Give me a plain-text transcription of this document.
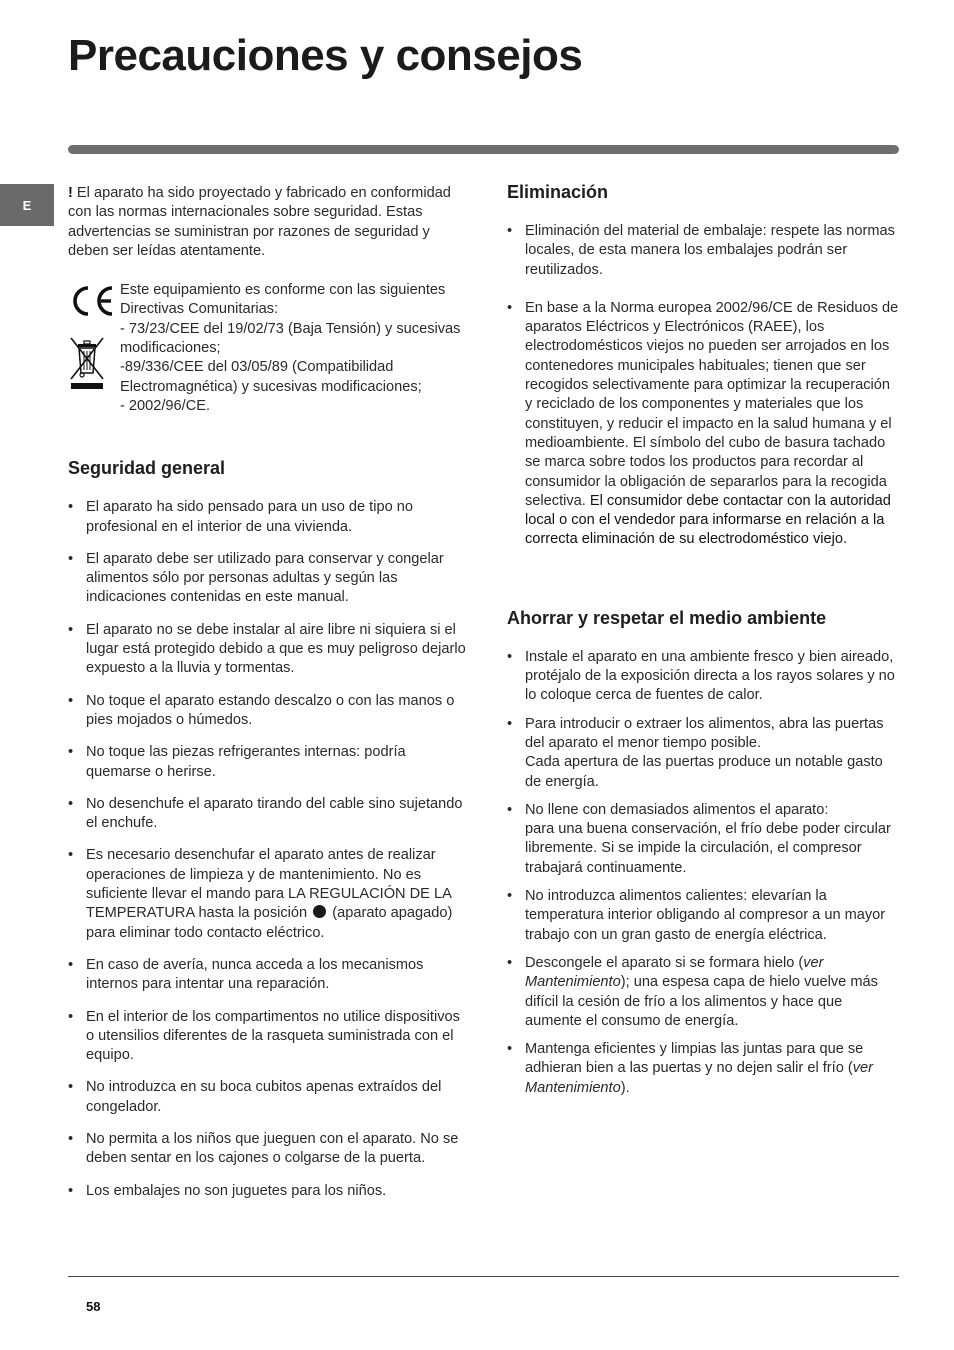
Precauciones y consejos
E

! El aparato ha sido proyectado y fabricado en conformidad con las normas internacionales sobre seguridad. Estas advertencias se suministran por razones de seguridad y deben ser leídas atentamente.

Este equipamiento es conforme con las siguientes Directivas Comunitarias:

- 73/23/CEE del 19/02/73 (Baja Tensión) y sucesivas modificaciones;

-89/336/CEE del 03/05/89 (Compatibilidad Electromagnética) y sucesivas modificaciones;

- 2002/96/CE.

Seguridad general
• El aparato ha sido pensado para un uso de tipo no profesional en el interior de una vivienda.
• El aparato debe ser utilizado para conservar y congelar alimentos sólo por personas adultas y según las indicaciones contenidas en este manual.
• El aparato no se debe instalar al aire libre ni siquiera si el lugar está protegido debido a que es muy peligroso dejarlo expuesto a la lluvia y tormentas.
• No toque el aparato estando descalzo o con las manos o pies mojados o húmedos.
• No toque las piezas refrigerantes internas: podría quemarse o herirse.
• No desenchufe el aparato tirando del cable sino sujetando el enchufe.
• Es necesario desenchufar el aparato antes de realizar operaciones de limpieza y de mantenimiento. No es suficiente llevar el mando para LA REGULACIÓN DE LA TEMPERATURA hasta la posición  (aparato apagado) para eliminar todo contacto eléctrico.
• En caso de avería, nunca acceda a los mecanismos internos para intentar una reparación.
• En el interior de los compartimentos no utilice dispositivos o utensilios diferentes de la rasqueta suministrada con el equipo.
• No introduzca en su boca cubitos apenas extraídos del congelador.
• No permita a los niños que jueguen con el aparato. No se deben sentar en los cajones o colgarse de la puerta.
• Los embalajes no son juguetes para los niños.
Eliminación
• Eliminación del material de embalaje: respete las normas locales, de esta manera los embalajes podrán ser reutilizados.
• En base a la Norma europea 2002/96/CE de Residuos de aparatos Eléctricos y Electrónicos (RAEE), los electrodomésticos viejos no pueden ser arrojados en los contenedores municipales habituales; tienen que ser recogidos selectivamente para optimizar la recuperación y reciclado de los componentes y materiales que los constituyen, y reducir el impacto en la salud humana y el medioambiente. El símbolo del cubo de basura tachado se marca sobre todos los productos para recordar al consumidor la obligación de separarlos para la recogida selectiva. El consumidor debe contactar con la autoridad local o con el vendedor para informarse en relación a la correcta eliminación de su electrodoméstico viejo.
Ahorrar y respetar el medio ambiente
• Instale el aparato en una ambiente fresco y bien aireado, protéjalo de la exposición directa a los rayos solares y no lo coloque cerca de fuentes de calor.
• Para introducir o extraer los alimentos, abra las puertas del aparato el menor tiempo posible.
Cada apertura de las puertas produce un notable gasto de energía.
• No llene con demasiados alimentos el aparato:
para una buena conservación, el frío debe poder circular libremente. Si se impide la circulación, el compresor trabajará continuamente.
• No introduzca alimentos calientes: elevarían la temperatura interior obligando al compresor a un mayor trabajo con un gran gasto de energía eléctrica.
• Descongele el aparato si se formara hielo (ver Mantenimiento); una espesa capa de hielo vuelve más difícil la cesión de frío a los alimentos y hace que aumente el consumo de energía.
• Mantenga eficientes y limpias las juntas para que se adhieran bien a las puertas y no dejen salir el frío (ver Mantenimiento).
58
